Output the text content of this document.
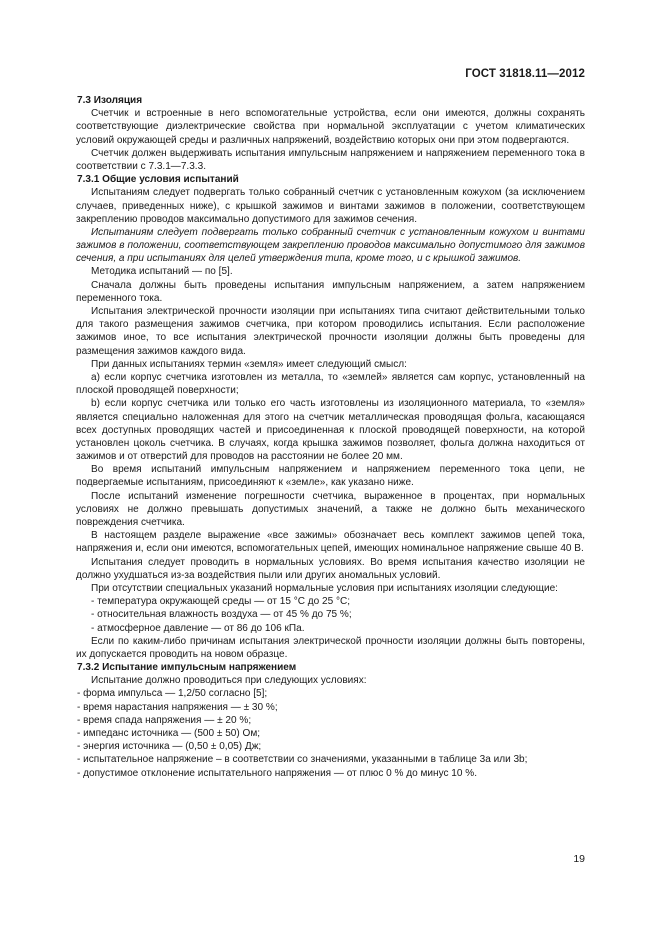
ГОСТ 31818.11—2012

7.3 Изоляция

Счетчик и встроенные в него вспомогательные устройства, если они имеются, должны сохранять соответствующие диэлектрические свойства при нормальной эксплуатации с учетом климатических условий окружающей среды и различных напряжений, воздействию которых они при этом подвергаются.

Счетчик должен выдерживать испытания импульсным напряжением и напряжением переменного тока в соответствии с 7.3.1—7.3.3.

7.3.1 Общие условия испытаний

Испытаниям следует подвергать только собранный счетчик с установленным кожухом (за исключением случаев, приведенных ниже), с крышкой зажимов и винтами зажимов в положении, соответствующем закреплению проводов максимально допустимого для зажимов сечения.

Испытаниям следует подвергать только собранный счетчик с установленным кожухом и винтами зажимов в положении, соответствующем закреплению проводов максимально допустимого для зажимов сечения, а при испытаниях для целей утверждения типа, кроме того, и с крышкой зажимов.

Методика испытаний — по [5].

Сначала должны быть проведены испытания импульсным напряжением, а затем напряжением переменного тока.

Испытания электрической прочности изоляции при испытаниях типа считают действительными только для такого размещения зажимов счетчика, при котором проводились испытания. Если расположение зажимов иное, то все испытания электрической прочности изоляции должны быть проведены для размещения зажимов каждого вида.

При данных испытаниях термин «земля» имеет следующий смысл:

а) если корпус счетчика изготовлен из металла, то «землей» является сам корпус, установленный на плоской проводящей поверхности;

b) если корпус счетчика или только его часть изготовлены из изоляционного материала, то «земля» является специально наложенная для этого на счетчик металлическая проводящая фольга, касающаяся всех доступных проводящих частей и присоединенная к плоской проводящей поверхности, на которой установлен цоколь счетчика. В случаях, когда крышка зажимов позволяет, фольга должна находиться от зажимов и от отверстий для проводов на расстоянии не более 20 мм.

Во время испытаний импульсным напряжением и напряжением переменного тока цепи, не подвергаемые испытаниям, присоединяют к «земле», как указано ниже.

После испытаний изменение погрешности счетчика, выраженное в процентах, при нормальных условиях не должно превышать допустимых значений, а также не должно быть механического повреждения счетчика.

В настоящем разделе выражение «все зажимы» обозначает весь комплект зажимов цепей тока, напряжения и, если они имеются, вспомогательных цепей, имеющих номинальное напряжение свыше 40 В.

Испытания следует проводить в нормальных условиях. Во время испытания качество изоляции не должно ухудшаться из-за воздействия пыли или других аномальных условий.

При отсутствии специальных указаний нормальные условия при испытаниях изоляции следующие:

- температура окружающей среды — от 15 °С до 25 °С;

- относительная влажность воздуха — от 45 % до 75 %;

- атмосферное давление — от 86 до 106 кПа.

Если по каким-либо причинам испытания электрической прочности изоляции должны быть повторены, их допускается проводить на новом образце.

7.3.2 Испытание импульсным напряжением

Испытание должно проводиться при следующих условиях:

- форма импульса — 1,2/50 согласно [5];

- время нарастания напряжения — ± 30 %;

- время спада напряжения — ± 20 %;

- импеданс источника — (500 ± 50) Ом;

- энергия источника — (0,50 ± 0,05) Дж;

- испытательное напряжение – в соответствии со значениями, указанными в таблице 3a или 3b;

- допустимое отклонение испытательного напряжения — от плюс 0 % до минус 10 %.

19
